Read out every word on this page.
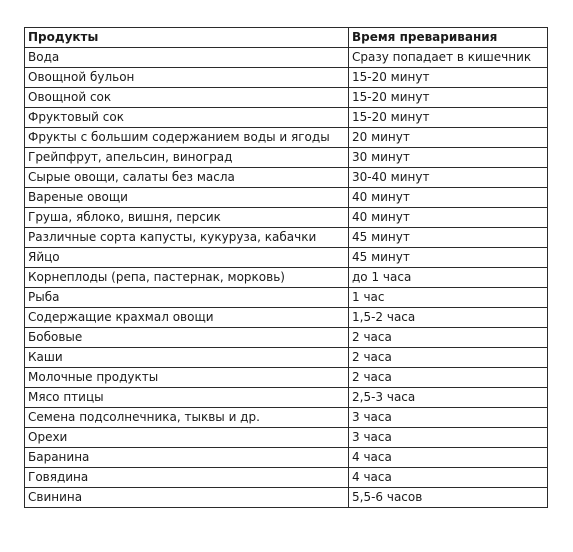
Продукты	Время преваривания
Вода	Сразу попадает в кишечник
Овощной бульон	15-20 минут
Овощной сок	15-20 минут
Фруктовый сок	15-20 минут
Фрукты с большим содержанием воды и ягоды	20 минут
Грейпфрут, апельсин, виноград	30 минут
Сырые овощи, салаты без масла	30-40 минут
Вареные овощи	40 минут
Груша, яблоко, вишня, персик	40 минут
Различные сорта капусты, кукуруза, кабачки	45 минут
Яйцо	45 минут
Корнеплоды (репа, пастернак, морковь)	до 1 часа
Рыба	1 час
Содержащие крахмал овощи	1,5-2 часа
Бобовые	2 часа
Каши	2 часа
Молочные продукты	2 часа
Мясо птицы	2,5-3 часа
Семена подсолнечника, тыквы и др.	3 часа
Орехи	3 часа
Баранина	4 часа
Говядина	4 часа
Свинина	5,5-6 часов
